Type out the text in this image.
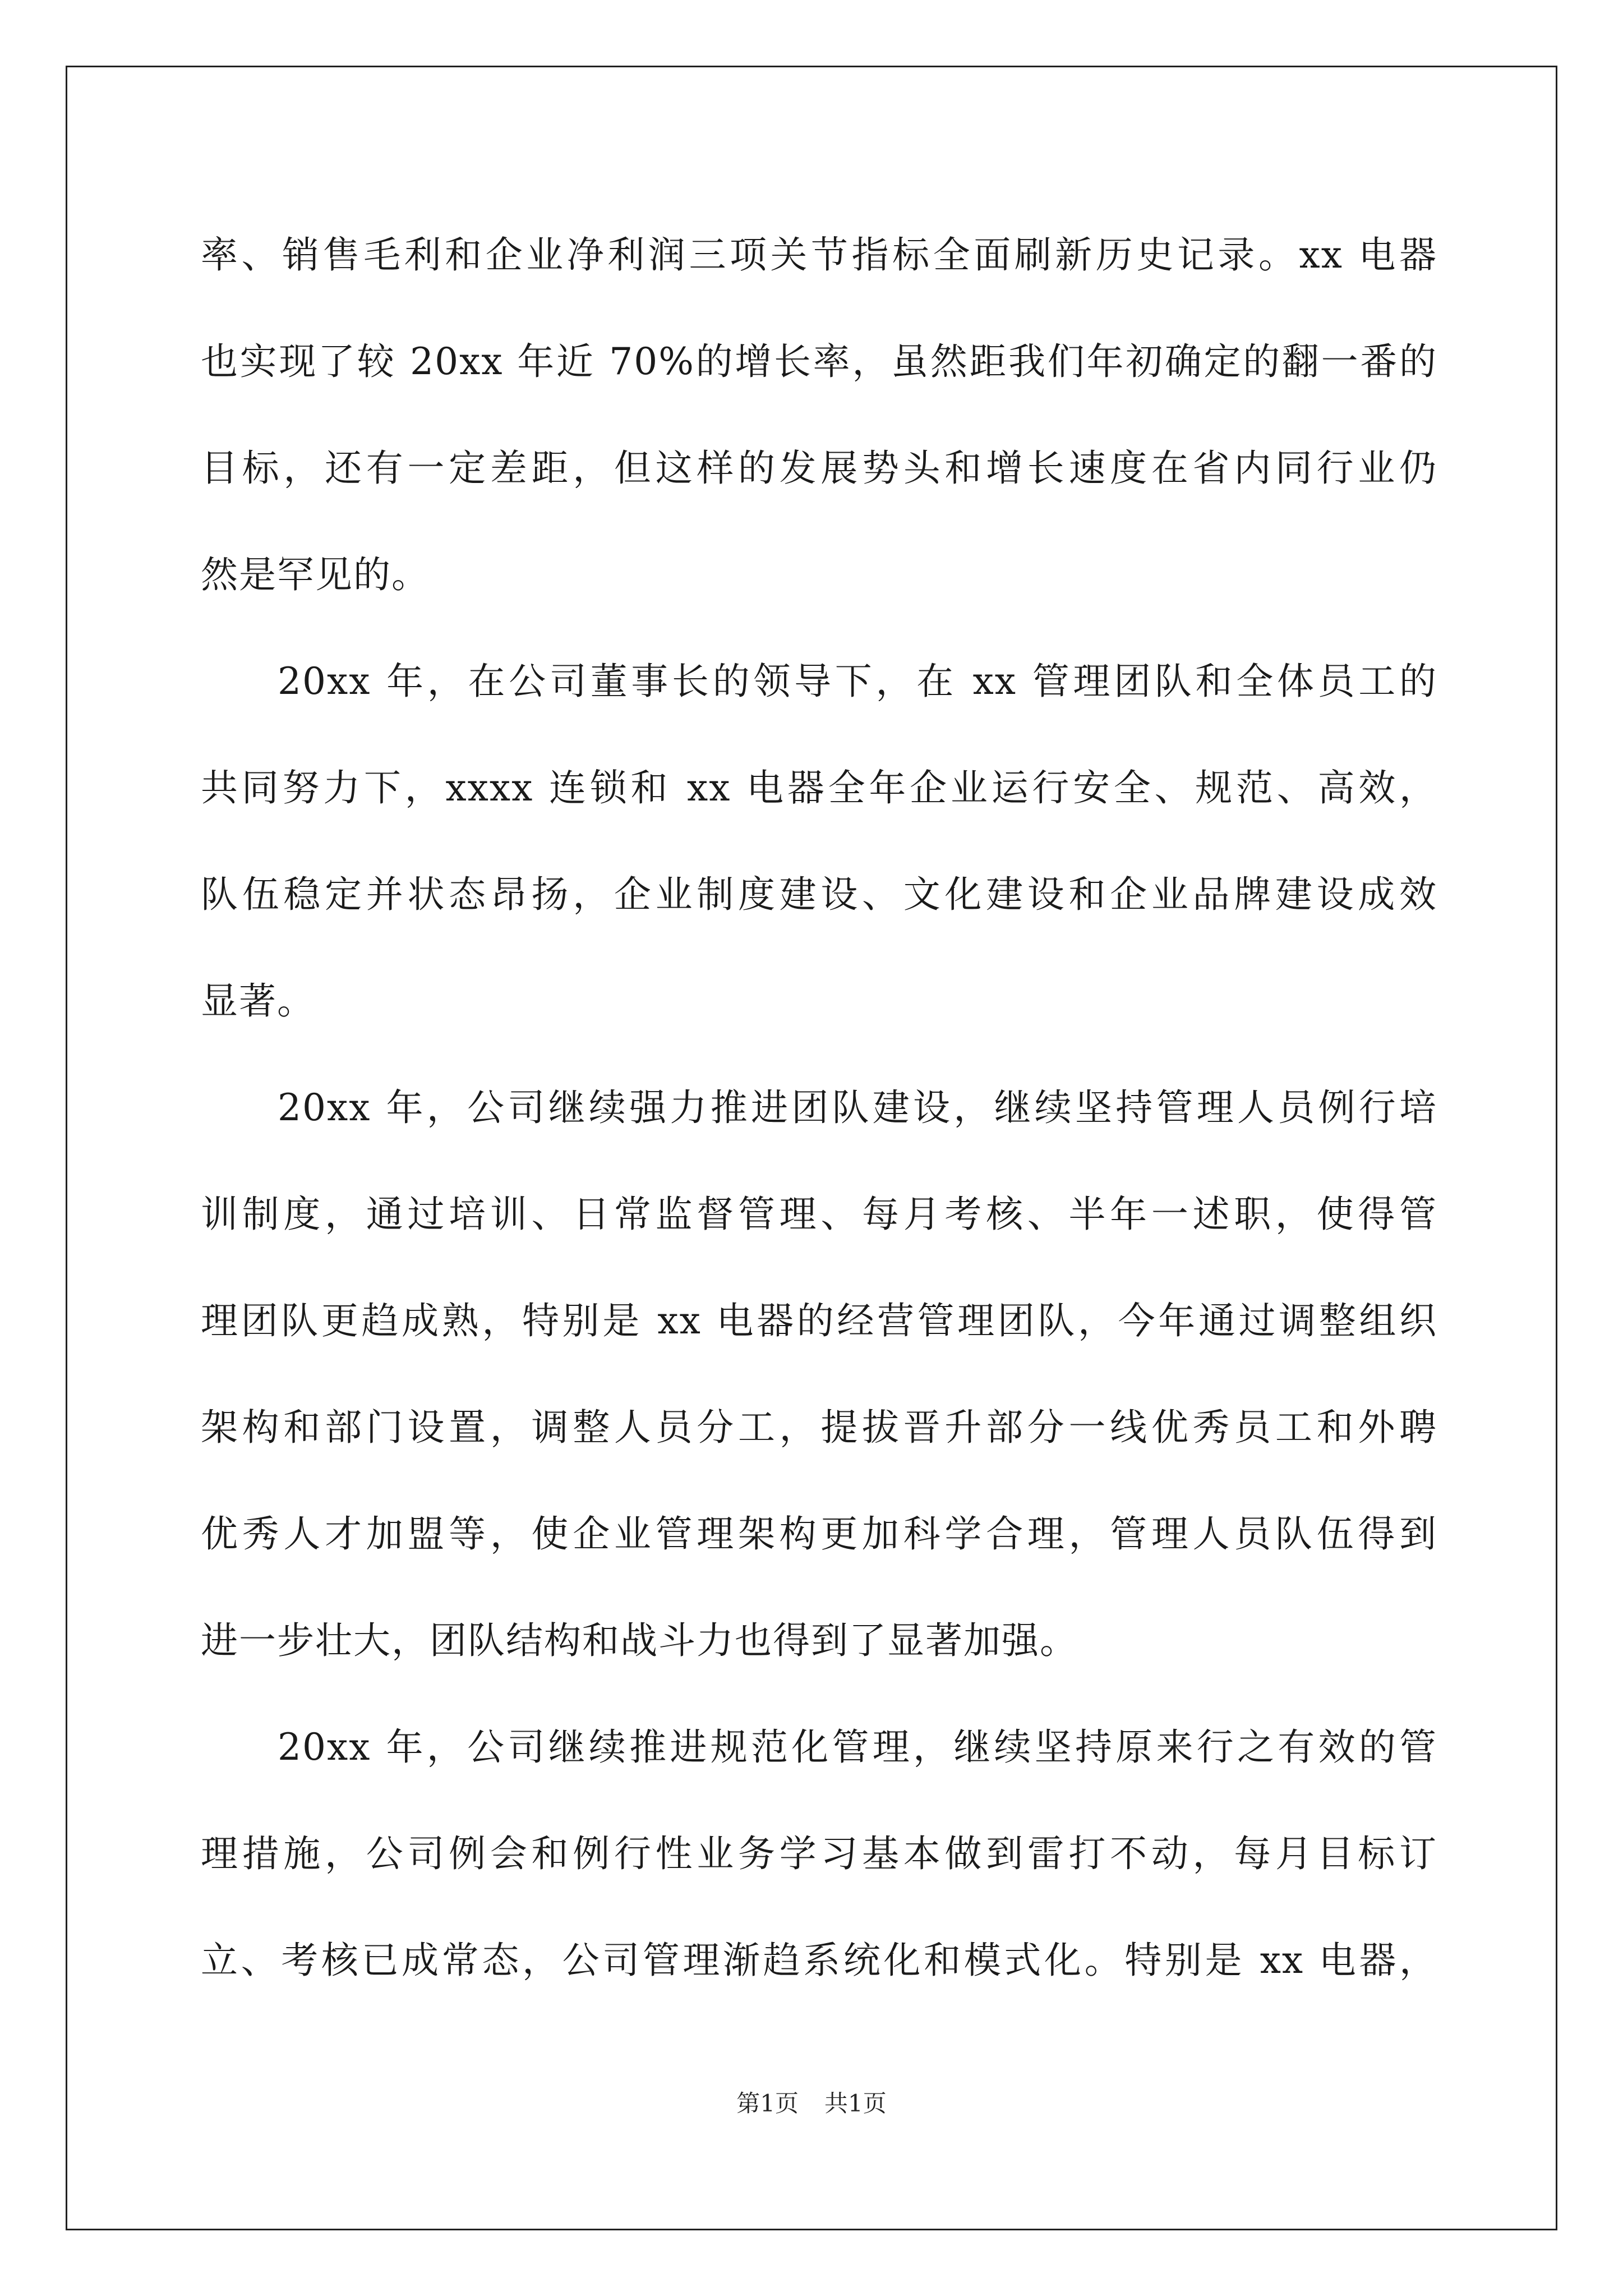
率、销售毛利和企业净利润三项关节指标全面刷新历史记录。xx 电器
也实现了较 20xx 年近 70%的增长率，虽然距我们年初确定的翻一番的
目标，还有一定差距，但这样的发展势头和增长速度在省内同行业仍
然是罕见的。
20xx 年，在公司董事长的领导下，在 xx 管理团队和全体员工的
共同努力下，xxxx 连锁和 xx 电器全年企业运行安全、规范、高效，
队伍稳定并状态昂扬，企业制度建设、文化建设和企业品牌建设成效
显著。
20xx 年，公司继续强力推进团队建设，继续坚持管理人员例行培
训制度，通过培训、日常监督管理、每月考核、半年一述职，使得管
理团队更趋成熟，特别是 xx 电器的经营管理团队，今年通过调整组织
架构和部门设置，调整人员分工，提拔晋升部分一线优秀员工和外聘
优秀人才加盟等，使企业管理架构更加科学合理，管理人员队伍得到
进一步壮大，团队结构和战斗力也得到了显著加强。
20xx 年，公司继续推进规范化管理，继续坚持原来行之有效的管
理措施，公司例会和例行性业务学习基本做到雷打不动，每月目标订
立、考核已成常态，公司管理渐趋系统化和模式化。特别是 xx 电器，
第1页 共1页
